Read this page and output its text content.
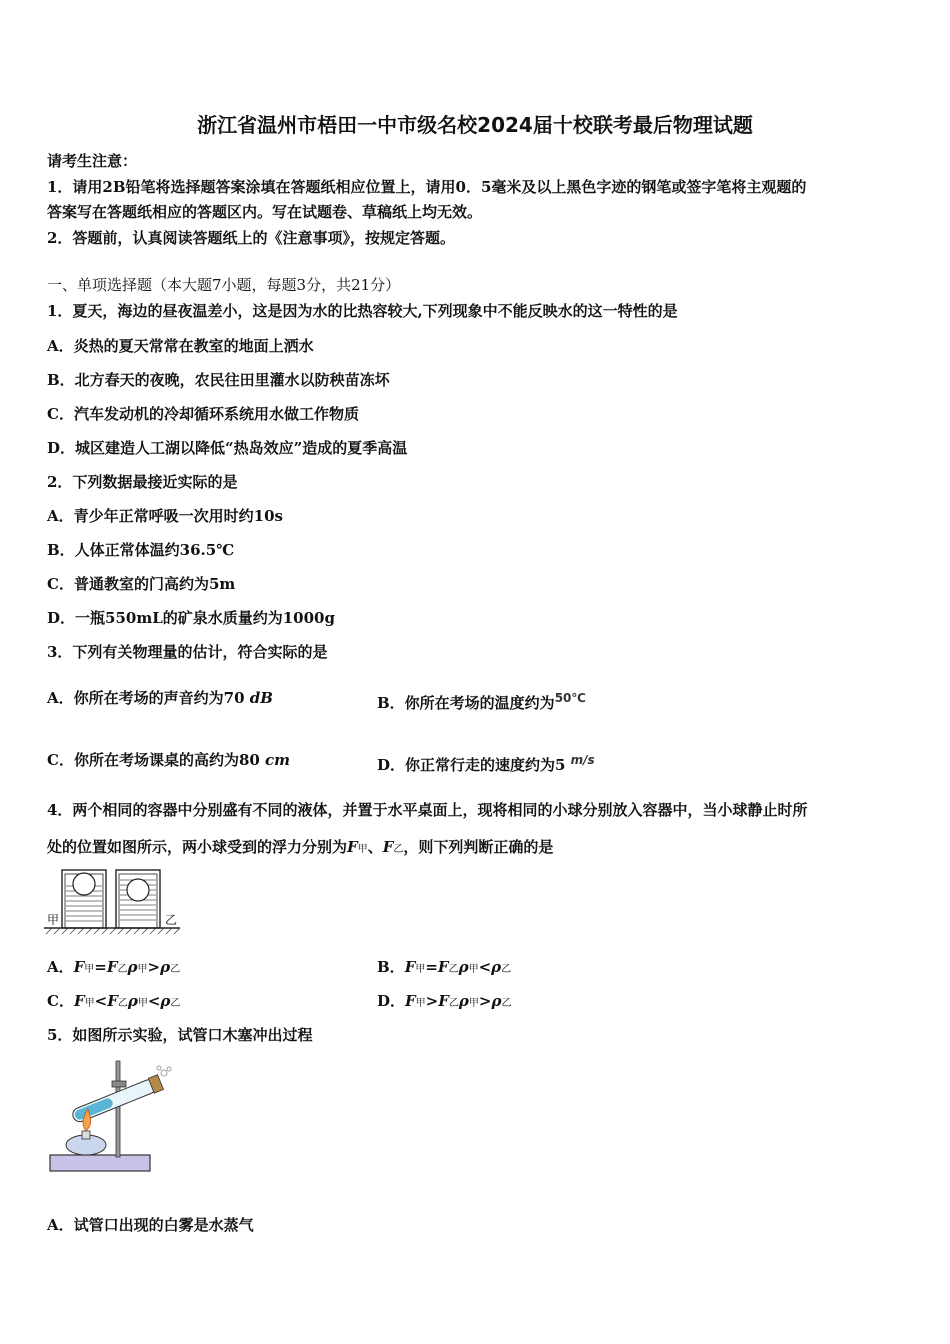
浙江省温州市梧田一中市级名校2024届十校联考最后物理试题
请考生注意：
1．请用2B铅笔将选择题答案涂填在答题纸相应位置上，请用0．5毫米及以上黑色字迹的钢笔或签字笔将主观题的
答案写在答题纸相应的答题区内。写在试题卷、草稿纸上均无效。
2．答题前，认真阅读答题纸上的《注意事项》，按规定答题。
一、单项选择题（本大题7小题，每题3分，共21分）
1．夏天，海边的昼夜温差小，这是因为水的比热容较大,下列现象中不能反映水的这一特性的是
A．炎热的夏天常常在教室的地面上洒水
B．北方春天的夜晚，农民往田里灌水以防秧苗冻坏
C．汽车发动机的冷却循环系统用水做工作物质
D．城区建造人工湖以降低“热岛效应”造成的夏季高温
2．下列数据最接近实际的是
A．青少年正常呼吸一次用时约10s
B．人体正常体温约36.5℃
C．普通教室的门高约为5m
D．一瓶550mL的矿泉水质量约为1000g
3．下列有关物理量的估计，符合实际的是
A．你所在考场的声音约为70 dB	B．你所在考场的温度约为$^{50℃}$
C．你所在考场课桌的高约为80 cm	D．你正常行走的速度约为5 $^{m/s}$
4．两个相同的容器中分别盛有不同的液体，并置于水平桌面上，现将相同的小球分别放入容器中，当小球静止时所
处的位置如图所示，两小球受到的浮力分别为F甲、F乙，则下列判断正确的是
甲	乙
A．F甲=F乙ρ甲>ρ乙	B．F甲=F乙ρ甲<ρ乙
C．F甲<F乙ρ甲<ρ乙	D．F甲>F乙ρ甲>ρ乙
5．如图所示实验，试管口木塞冲出过程
A．试管口出现的白雾是水蒸气
